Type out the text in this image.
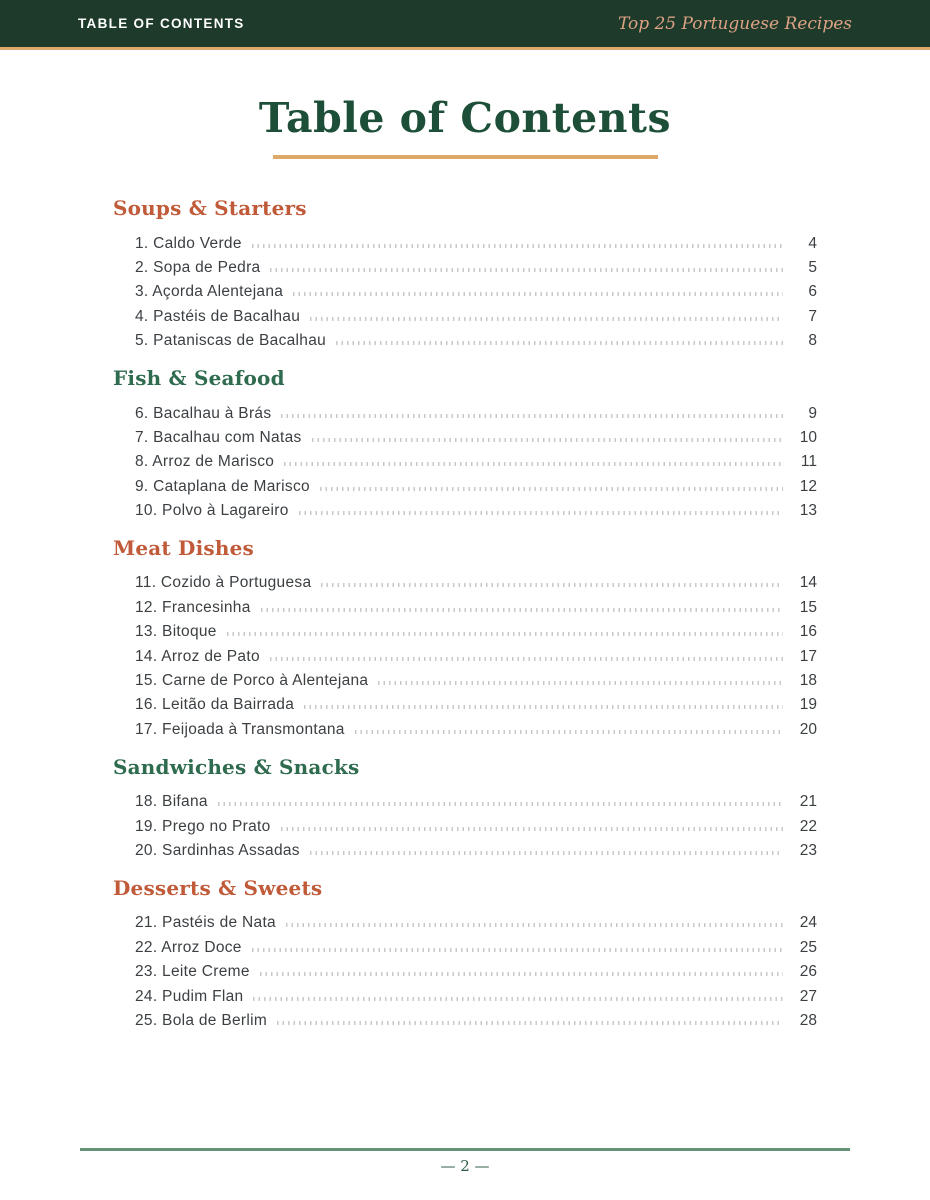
TABLE OF CONTENTS	Top 25 Portuguese Recipes
Table of Contents
Soups & Starters
1. Caldo Verde	4
2. Sopa de Pedra	5
3. Açorda Alentejana	6
4. Pastéis de Bacalhau	7
5. Pataniscas de Bacalhau	8
Fish & Seafood
6. Bacalhau à Brás	9
7. Bacalhau com Natas	10
8. Arroz de Marisco	11
9. Cataplana de Marisco	12
10. Polvo à Lagareiro	13
Meat Dishes
11. Cozido à Portuguesa	14
12. Francesinha	15
13. Bitoque	16
14. Arroz de Pato	17
15. Carne de Porco à Alentejana	18
16. Leitão da Bairrada	19
17. Feijoada à Transmontana	20
Sandwiches & Snacks
18. Bifana	21
19. Prego no Prato	22
20. Sardinhas Assadas	23
Desserts & Sweets
21. Pastéis de Nata	24
22. Arroz Doce	25
23. Leite Creme	26
24. Pudim Flan	27
25. Bola de Berlim	28

— 2 —
